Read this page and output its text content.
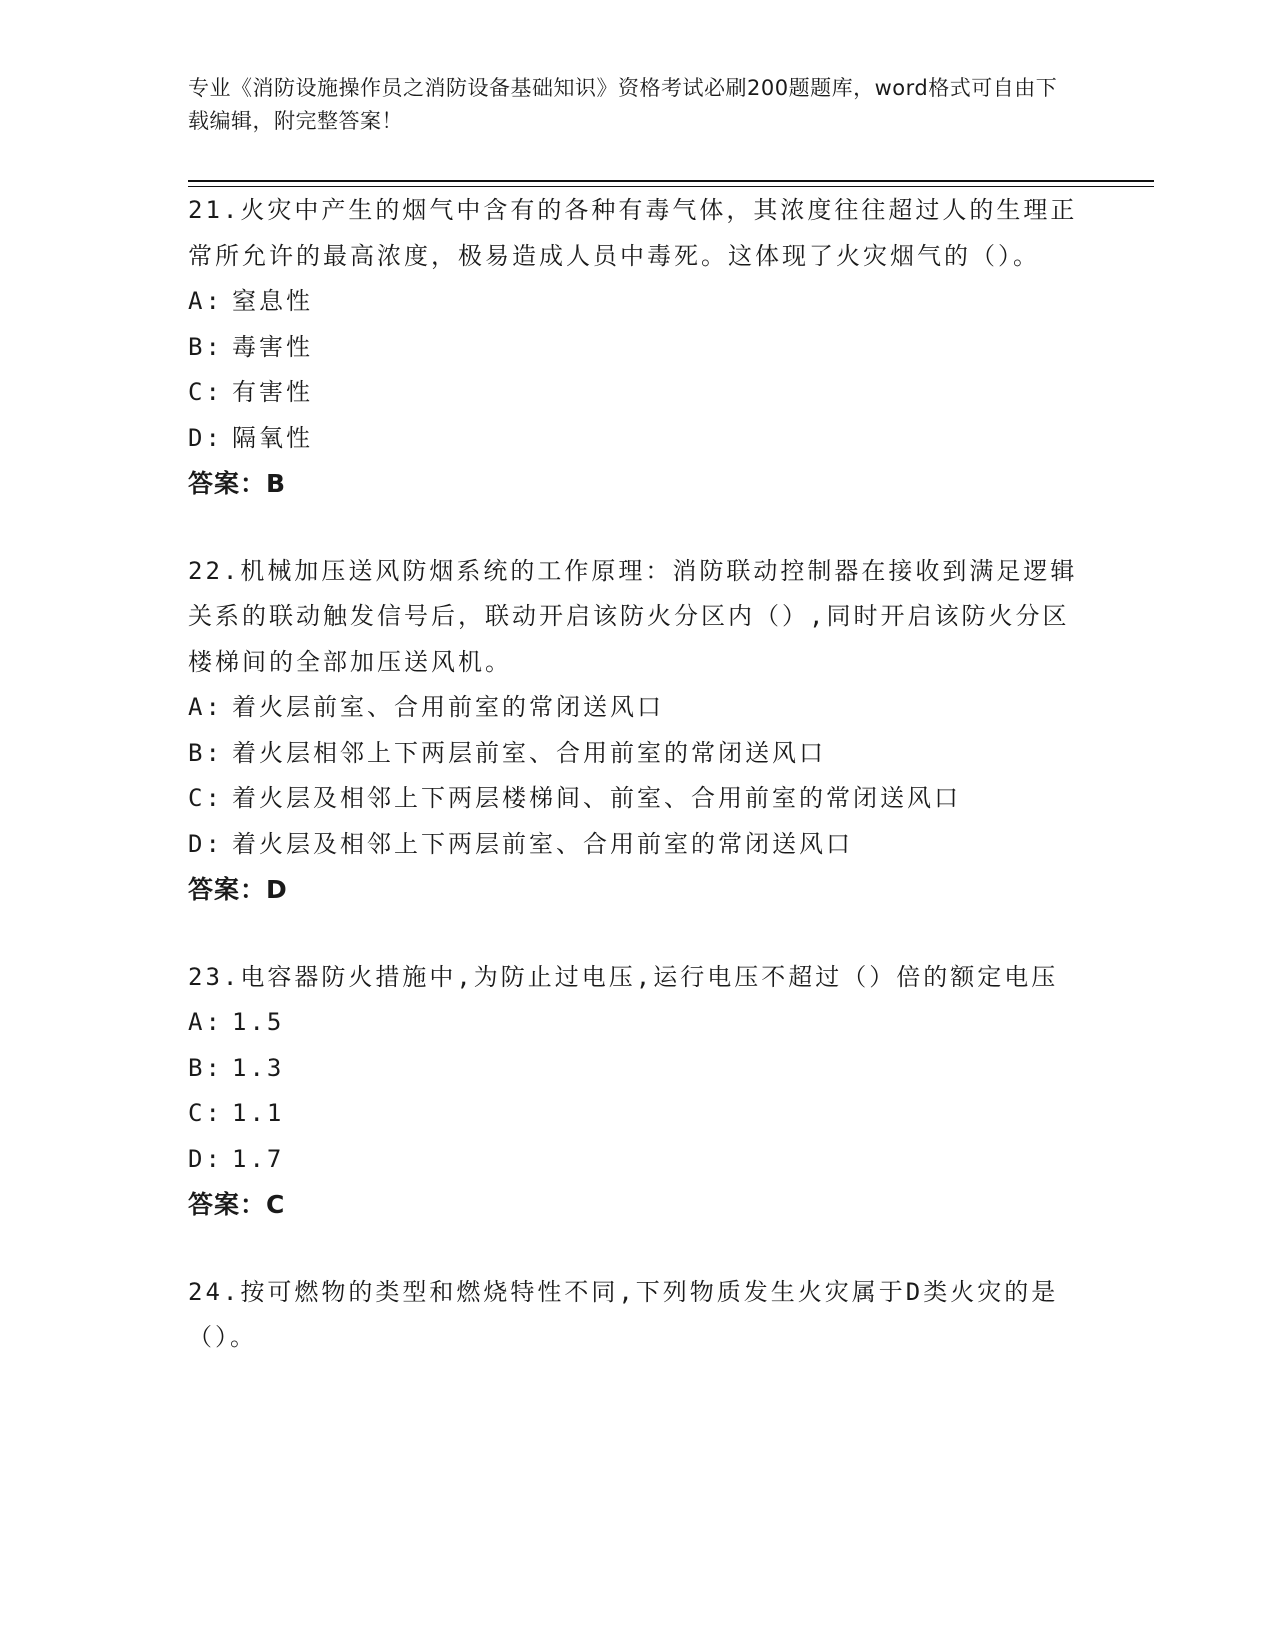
专业《消防设施操作员之消防设备基础知识》资格考试必刷200题题库，word格式可自由下载编辑，附完整答案！
21.火灾中产生的烟气中含有的各种有毒气体，其浓度往往超过人的生理正常所允许的最高浓度，极易造成人员中毒死。这体现了火灾烟气的（）。
A: 窒息性
B: 毒害性
C: 有害性
D: 隔氧性
答案：B
22.机械加压送风防烟系统的工作原理：消防联动控制器在接收到满足逻辑关系的联动触发信号后，联动开启该防火分区内（）,同时开启该防火分区楼梯间的全部加压送风机。
A: 着火层前室、合用前室的常闭送风口
B: 着火层相邻上下两层前室、合用前室的常闭送风口
C: 着火层及相邻上下两层楼梯间、前室、合用前室的常闭送风口
D: 着火层及相邻上下两层前室、合用前室的常闭送风口
答案：D
23.电容器防火措施中,为防止过电压,运行电压不超过（）倍的额定电压
A: 1.5
B: 1.3
C: 1.1
D: 1.7
答案：C
24.按可燃物的类型和燃烧特性不同,下列物质发生火灾属于D类火灾的是（）。
